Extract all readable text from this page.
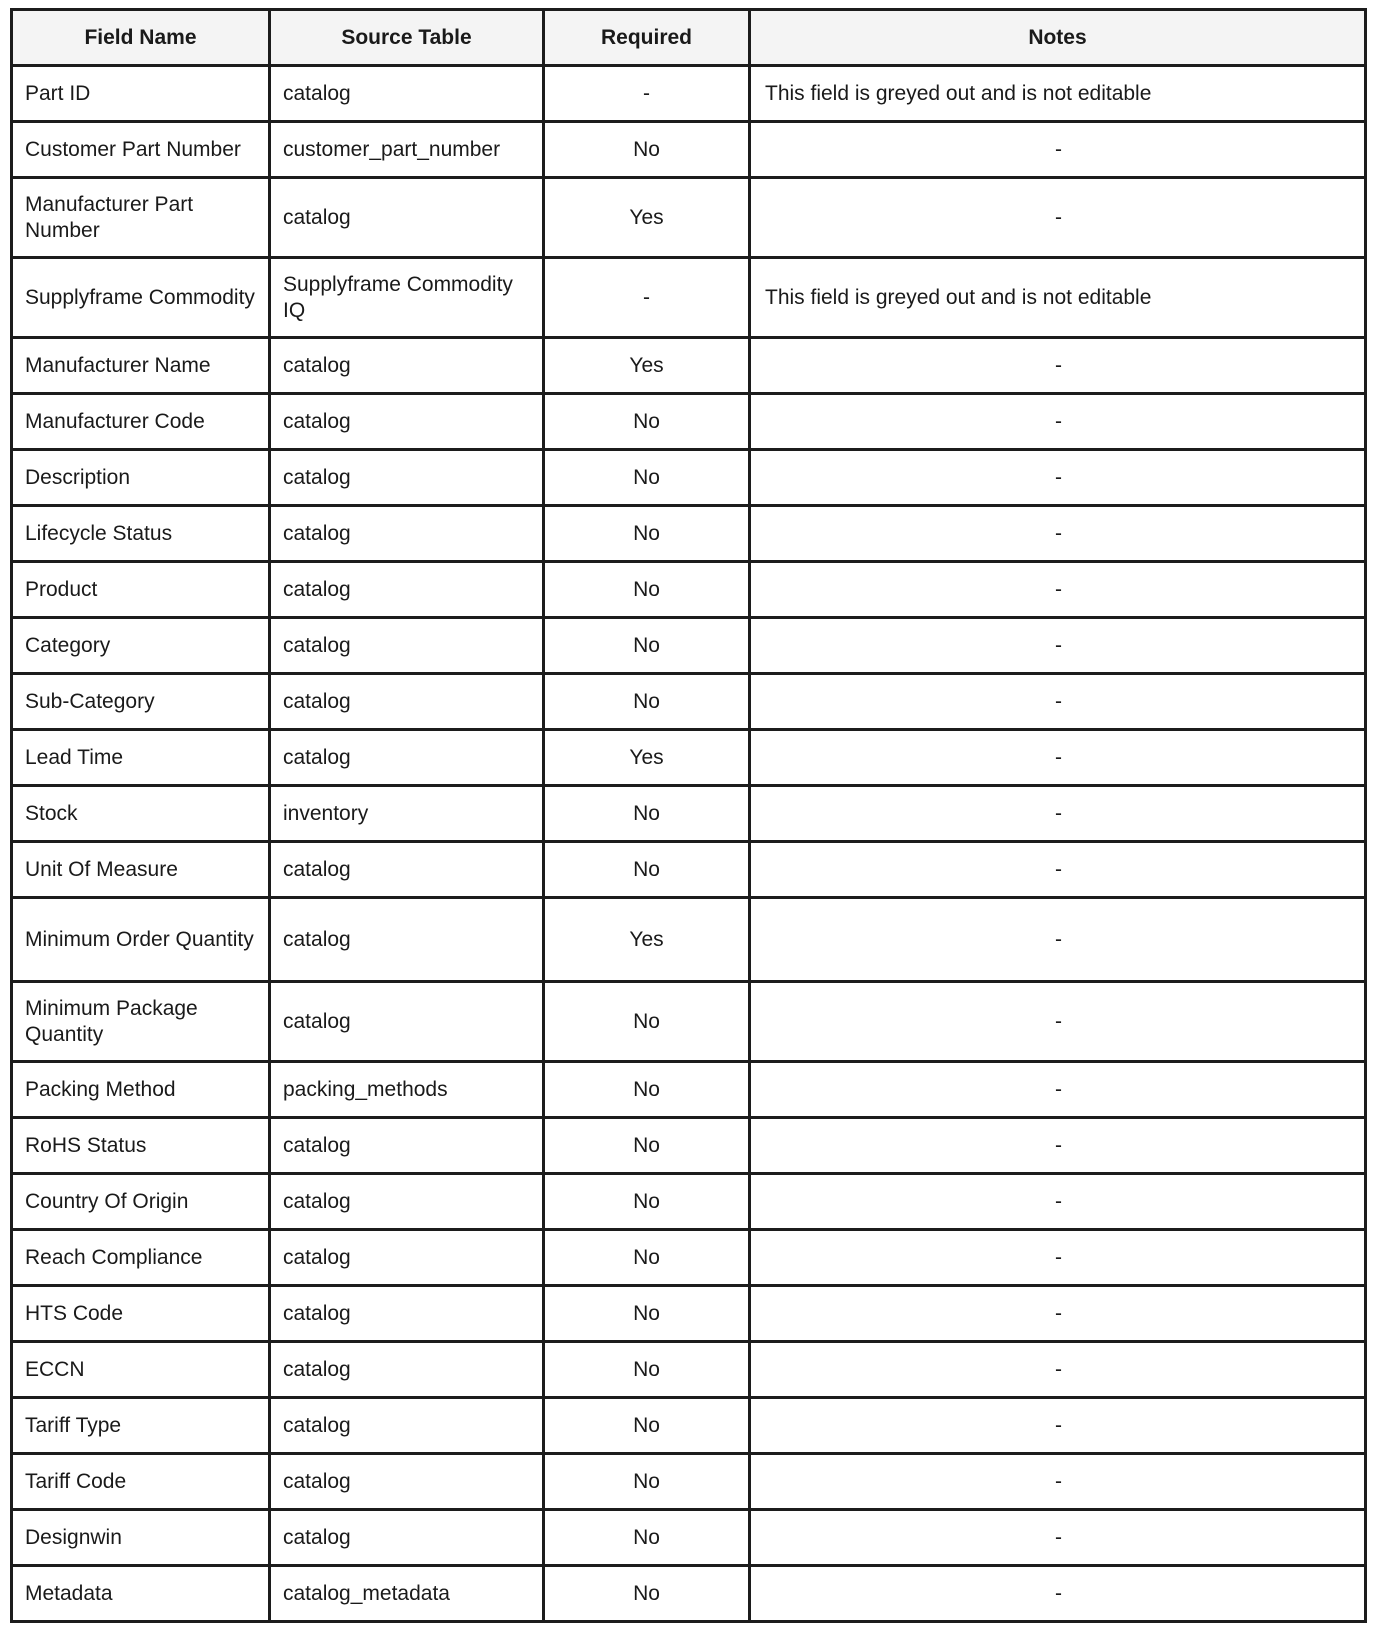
Field Name	Source Table	Required	Notes
Part ID	catalog	-	This field is greyed out and is not editable
Customer Part Number	customer_part_number	No	-
Manufacturer Part Number	catalog	Yes	-
Supplyframe Commodity	Supplyframe Commodity IQ	-	This field is greyed out and is not editable
Manufacturer Name	catalog	Yes	-
Manufacturer Code	catalog	No	-
Description	catalog	No	-
Lifecycle Status	catalog	No	-
Product	catalog	No	-
Category	catalog	No	-
Sub-Category	catalog	No	-
Lead Time	catalog	Yes	-
Stock	inventory	No	-
Unit Of Measure	catalog	No	-
Minimum Order Quantity	catalog	Yes	-
Minimum Package Quantity	catalog	No	-
Packing Method	packing_methods	No	-
RoHS Status	catalog	No	-
Country Of Origin	catalog	No	-
Reach Compliance	catalog	No	-
HTS Code	catalog	No	-
ECCN	catalog	No	-
Tariff Type	catalog	No	-
Tariff Code	catalog	No	-
Designwin	catalog	No	-
Metadata	catalog_metadata	No	-
